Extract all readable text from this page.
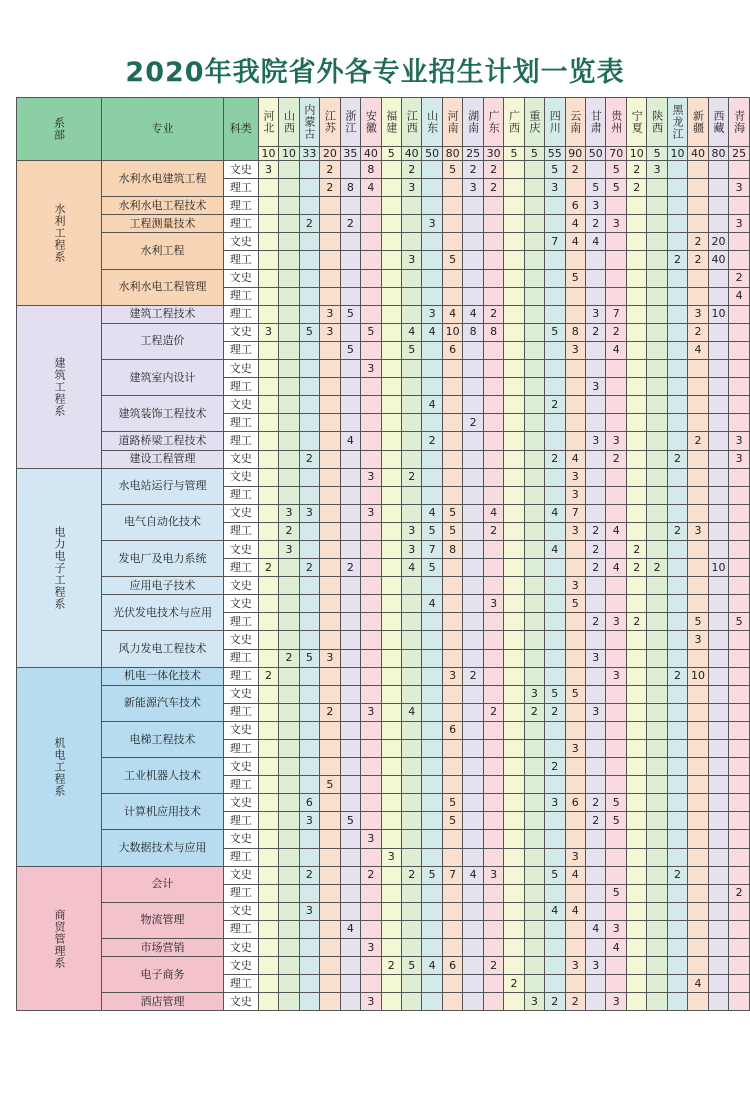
2020年我院省外各专业招生计划一览表
系部	专业	科类	河北	山西	内蒙古	江苏	浙江	安徽	福建	江西	山东	河南	湖南	广东	广西	重庆	四川	云南	甘肃	贵州	宁夏	陕西	黑龙江	新疆	西藏	青海

			10	10	33	20	35	40	5	40	50	80	25	30	5	5	55	90	50	70	10	5	10	40	80	25

水利工程系	水利水电建筑工程	文史	3			2		8		2		5	2	2			5	2		5	2	3				
		理工				2	8	4		3			3	2			3		5	5	2					3
	水利水电工程技术	理工																6	3							
	工程测量技术	理工			2		2				3							4	2	3						3
	水利工程	文史															7	4	4					2	20	
		理工								3		5											2	2	40	
	水利水电工程管理	文史																5								2
		理工																								4

建筑工程系	建筑工程技术	理工				3	5				3	4	4	2					3	7				3	10	
	工程造价	文史	3		5	3		5		4	4	10	8	8			5	8	2	2				2		
		理工					5			5		6						3		4				4		
	建筑室内设计	文史						3																		
		理工																	3							
	建筑装饰工程技术	文史									4						2									
		理工											2													
	道路桥梁工程技术	理工					4				2								3	3				2		3
	建设工程管理	文史			2												2	4		2			2			3

电力电子工程系	水电站运行与管理	文史						3		2								3								
		理工																3								
	电气自动化技术	文史		3	3			3			4	5		4			4	7								
		理工		2						3	5	5		2				3	2	4			2	3		
	发电厂及电力系统	文史		3						3	7	8					4		2		2					
		理工	2		2		2			4	5								2	4	2	2			10	
	应用电子技术	文史																3								
	光伏发电技术与应用	文史									4			3				5								
		理工																	2	3	2			5		5
	风力发电工程技术	文史																						3		
		理工		2	5	3													3							

机电工程系	机电一体化技术	理工	2									3	2							3			2	10		
	新能源汽车技术	文史														3	5	5								
		理工				2		3		4				2		2	2		3							
	电梯工程技术	文史										6														
		理工																3								
	工业机器人技术	文史															2									
		理工				5																				
	计算机应用技术	文史			6							5					3	6	2	5						
		理工			3		5					5							2	5						
	大数据技术与应用	文史						3																		
		理工							3									3								

商贸管理系	会计	文史			2			2		2	5	7	4	3			5	4					2			
		理工																		5						2
	物流管理	文史			3												4	4								
		理工					4												4	3						
	市场营销	文史						3												4						
	电子商务	文史							2	5	4	6		2				3	3							
		理工													2									4		
	酒店管理	文史						3								3	2	2		3						
